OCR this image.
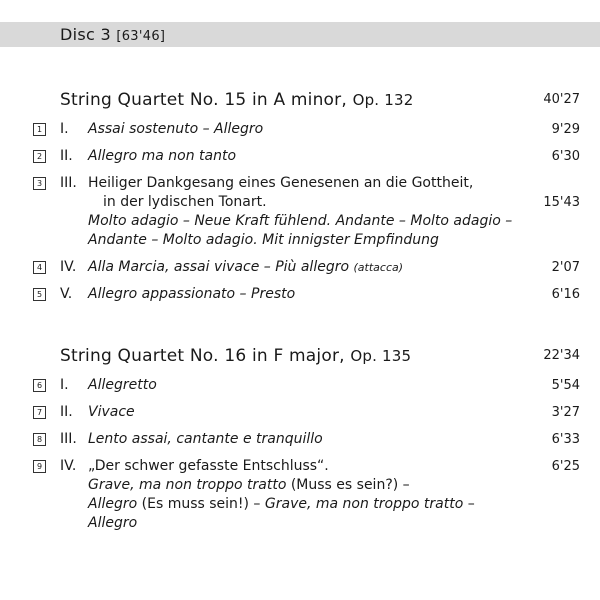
Disc 3 [63'46]
String Quartet No. 15 in A minor, Op. 132	40'27
1 I. Assai sostenuto – Allegro	9'29
2 II. Allegro ma non tanto	6'30
3 III. Heiliger Dankgesang eines Genesenen an die Gottheit,
in der lydischen Tonart.
Molto adagio – Neue Kraft fühlend. Andante – Molto adagio –
Andante – Molto adagio. Mit innigster Empfindung
15'43
4 IV. Alla Marcia, assai vivace – Più allegro (attacca)	2'07
5 V. Allegro appassionato – Presto	6'16
String Quartet No. 16 in F major, Op. 135	22'34
6 I. Allegretto	5'54
7 II. Vivace	3'27
8 III. Lento assai, cantante e tranquillo	6'33
9 IV. „Der schwer gefasste Entschluss“.
Grave, ma non troppo tratto (Muss es sein?) –
Allegro (Es muss sein!) – Grave, ma non troppo tratto –
Allegro
6'25
